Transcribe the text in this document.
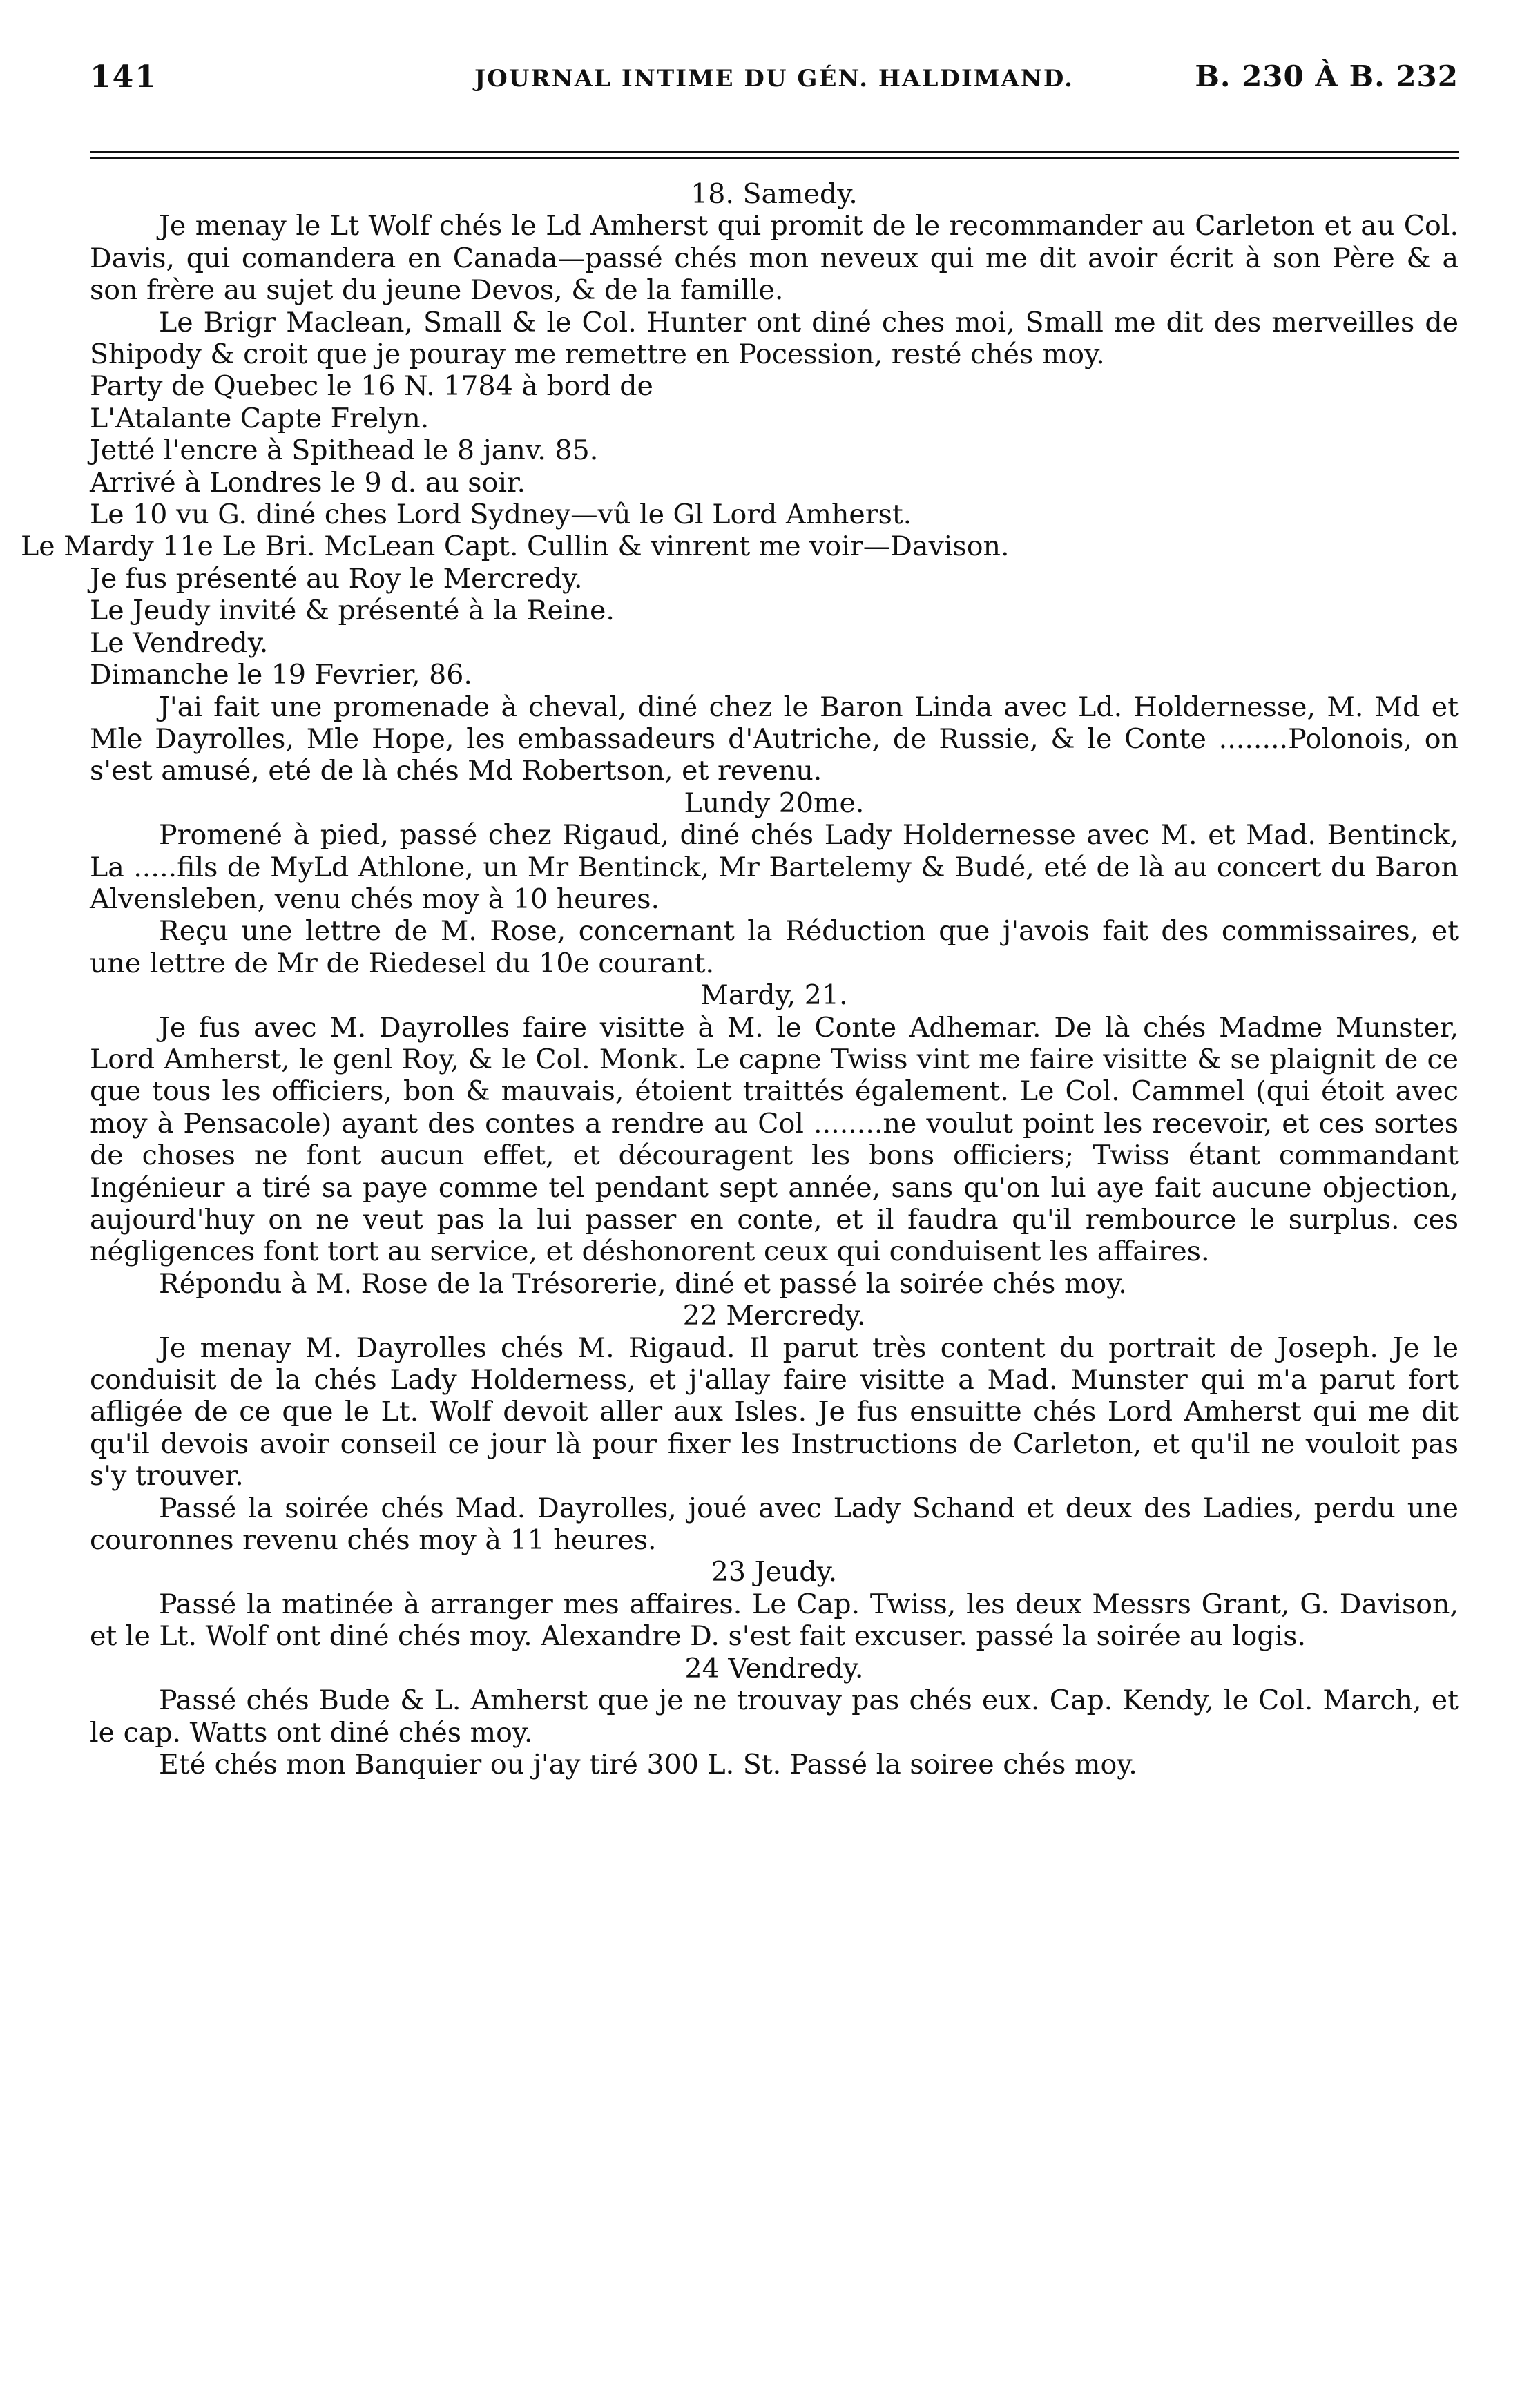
141	JOURNAL INTIME DU GÉN. HALDIMAND.	B. 230 À B. 232

18. Samedy.

Je menay le Lt Wolf chés le Ld Amherst qui promit de le recommander au Carleton et au Col. Davis, qui comandera en Canada—passé chés mon neveux qui me dit avoir écrit à son Père & a son frère au sujet du jeune Devos, & de la famille.

Le Brigr Maclean, Small & le Col. Hunter ont diné ches moi, Small me dit des merveilles de Shipody & croit que je pouray me remettre en Pocession, resté chés moy.

Party de Quebec le 16 N. 1784 à bord de

L'Atalante Capte Frelyn.

Jetté l'encre à Spithead le 8 janv. 85.

Arrivé à Londres le 9 d. au soir.

Le 10 vu G. diné ches Lord Sydney—vû le Gl Lord Amherst.

Le Mardy 11e Le Bri. McLean Capt. Cullin & vinrent me voir—Davison.

Je fus présenté au Roy le Mercredy.

Le Jeudy invité & présenté à la Reine.

Le Vendredy.

Dimanche le 19 Fevrier, 86.

J'ai fait une promenade à cheval, diné chez le Baron Linda avec Ld. Holdernesse, M. Md et Mle Dayrolles, Mle Hope, les embassadeurs d'Autriche, de Russie, & le Conte ........Polonois, on s'est amusé, eté de là chés Md Robertson, et revenu.

Lundy 20me.

Promené à pied, passé chez Rigaud, diné chés Lady Holdernesse avec M. et Mad. Bentinck, La .....fils de MyLd Athlone, un Mr Bentinck, Mr Bartelemy & Budé, eté de là au concert du Baron Alvensleben, venu chés moy à 10 heures.

Reçu une lettre de M. Rose, concernant la Réduction que j'avois fait des commissaires, et une lettre de Mr de Riedesel du 10e courant.

Mardy, 21.

Je fus avec M. Dayrolles faire visitte à M. le Conte Adhemar. De là chés Madme Munster, Lord Amherst, le genl Roy, & le Col. Monk. Le capne Twiss vint me faire visitte & se plaignit de ce que tous les officiers, bon & mauvais, étoient traittés également. Le Col. Cammel (qui étoit avec moy à Pensacole) ayant des contes a rendre au Col ........ne voulut point les recevoir, et ces sortes de choses ne font aucun effet, et découragent les bons officiers; Twiss étant commandant Ingénieur a tiré sa paye comme tel pendant sept année, sans qu'on lui aye fait aucune objection, aujourd'huy on ne veut pas la lui passer en conte, et il faudra qu'il rembource le surplus. ces négligences font tort au service, et déshonorent ceux qui conduisent les affaires.

Répondu à M. Rose de la Trésorerie, diné et passé la soirée chés moy.

22 Mercredy.

Je menay M. Dayrolles chés M. Rigaud. Il parut très content du portrait de Joseph. Je le conduisit de la chés Lady Holderness, et j'allay faire visitte a Mad. Munster qui m'a parut fort afligée de ce que le Lt. Wolf devoit aller aux Isles. Je fus ensuitte chés Lord Amherst qui me dit qu'il devois avoir conseil ce jour là pour fixer les Instructions de Carleton, et qu'il ne vouloit pas s'y trouver.

Passé la soirée chés Mad. Dayrolles, joué avec Lady Schand et deux des Ladies, perdu une couronnes revenu chés moy à 11 heures.

23 Jeudy.

Passé la matinée à arranger mes affaires. Le Cap. Twiss, les deux Messrs Grant, G. Davison, et le Lt. Wolf ont diné chés moy. Alexandre D. s'est fait excuser. passé la soirée au logis.

24 Vendredy.

Passé chés Bude & L. Amherst que je ne trouvay pas chés eux. Cap. Kendy, le Col. March, et le cap. Watts ont diné chés moy.

Eté chés mon Banquier ou j'ay tiré 300 L. St. Passé la soiree chés moy.
